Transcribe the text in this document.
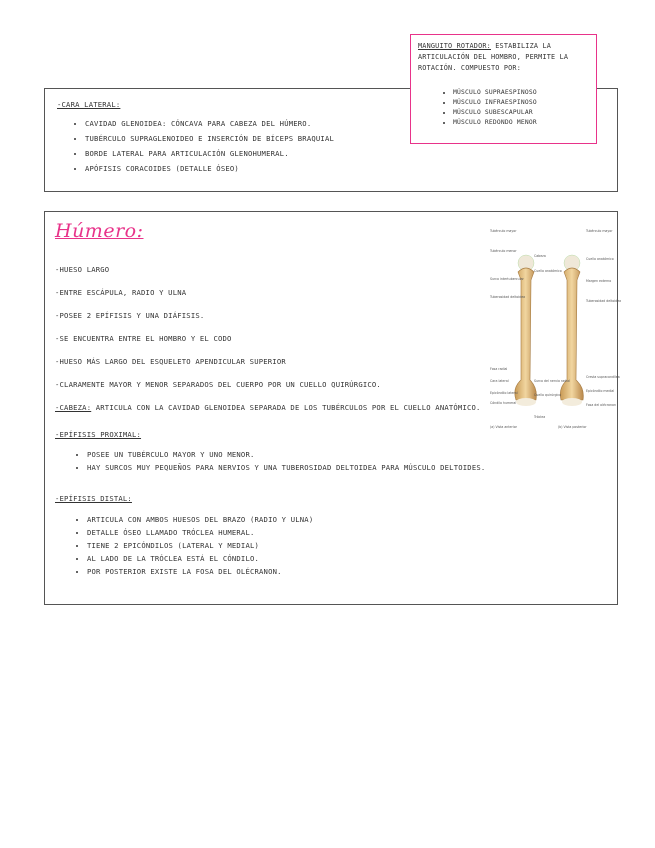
-CARA LATERAL:
• CAVIDAD GLENOIDEA: CÓNCAVA PARA CABEZA DEL HÚMERO.
• TUBÉRCULO SUPRAGLENOIDEO E INSERCIÓN DE BÍCEPS BRAQUIAL
• BORDE LATERAL PARA ARTICULACIÓN GLENOHUMERAL.
• APÓFISIS CORACOIDES (DETALLE ÓSEO)
MANGUITO ROTADOR: ESTABILIZA LA ARTICULACIÓN DEL HOMBRO, PERMITE LA ROTACIÓN. COMPUESTO POR:
• MÚSCULO SUPRAESPINOSO
• MÚSCULO INFRAESPINOSO
• MÚSCULO SUBESCAPULAR
• MÚSCULO REDONDO MENOR
Húmero:
-HUESO LARGO
-ENTRE ESCÁPULA, RADIO Y ULNA
-POSEE 2 EPÍFISIS Y UNA DIÁFISIS.
-SE ENCUENTRA ENTRE EL HOMBRO Y EL CODO
-HUESO MÁS LARGO DEL ESQUELETO APENDICULAR SUPERIOR
-CLARAMENTE MAYOR Y MENOR SEPARADOS DEL CUERPO POR UN CUELLO QUIRÚRGICO.
-CABEZA: ARTICULA CON LA CAVIDAD GLENOIDEA SEPARADA DE LOS TUBÉRCULOS POR EL CUELLO ANATÓMICO.
-EPÍFISIS PROXIMAL:
• POSEE UN TUBÉRCULO MAYOR Y UNO MENOR.
• HAY SURCOS MUY PEQUEÑOS PARA NERVIOS Y UNA TUBEROSIDAD DELTOIDEA PARA MÚSCULO DELTOIDES.
-EPÍFISIS DISTAL:
• ARTICULA CON AMBOS HUESOS DEL BRAZO (RADIO Y ULNA)
• DETALLE ÓSEO LLAMADO TRÓCLEA HUMERAL.
• TIENE 2 EPICÓNDILOS (LATERAL Y MEDIAL)
• AL LADO DE LA TRÓCLEA ESTÁ EL CÓNDILO.
• POR POSTERIOR EXISTE LA FOSA DEL OLÉCRANON.
Tubérculo mayor
Tubérculo menor
Cabeza
Cuello anatómico
Surco intertubercular
Tuberosidad deltoidea
Fosa radial
Cara lateral
Epicóndilo lateral
Cóndilo humeral
Surco del nervio radial
Cuello quirúrgico
Tróclea
Tubérculo mayor
Cuello anatómico
Margen externo
Tuberosidad deltoidea
Cresta supracondílea
Epicóndilo medial
Fosa del olécranon
(a) Vista anterior	(b) Vista posterior
